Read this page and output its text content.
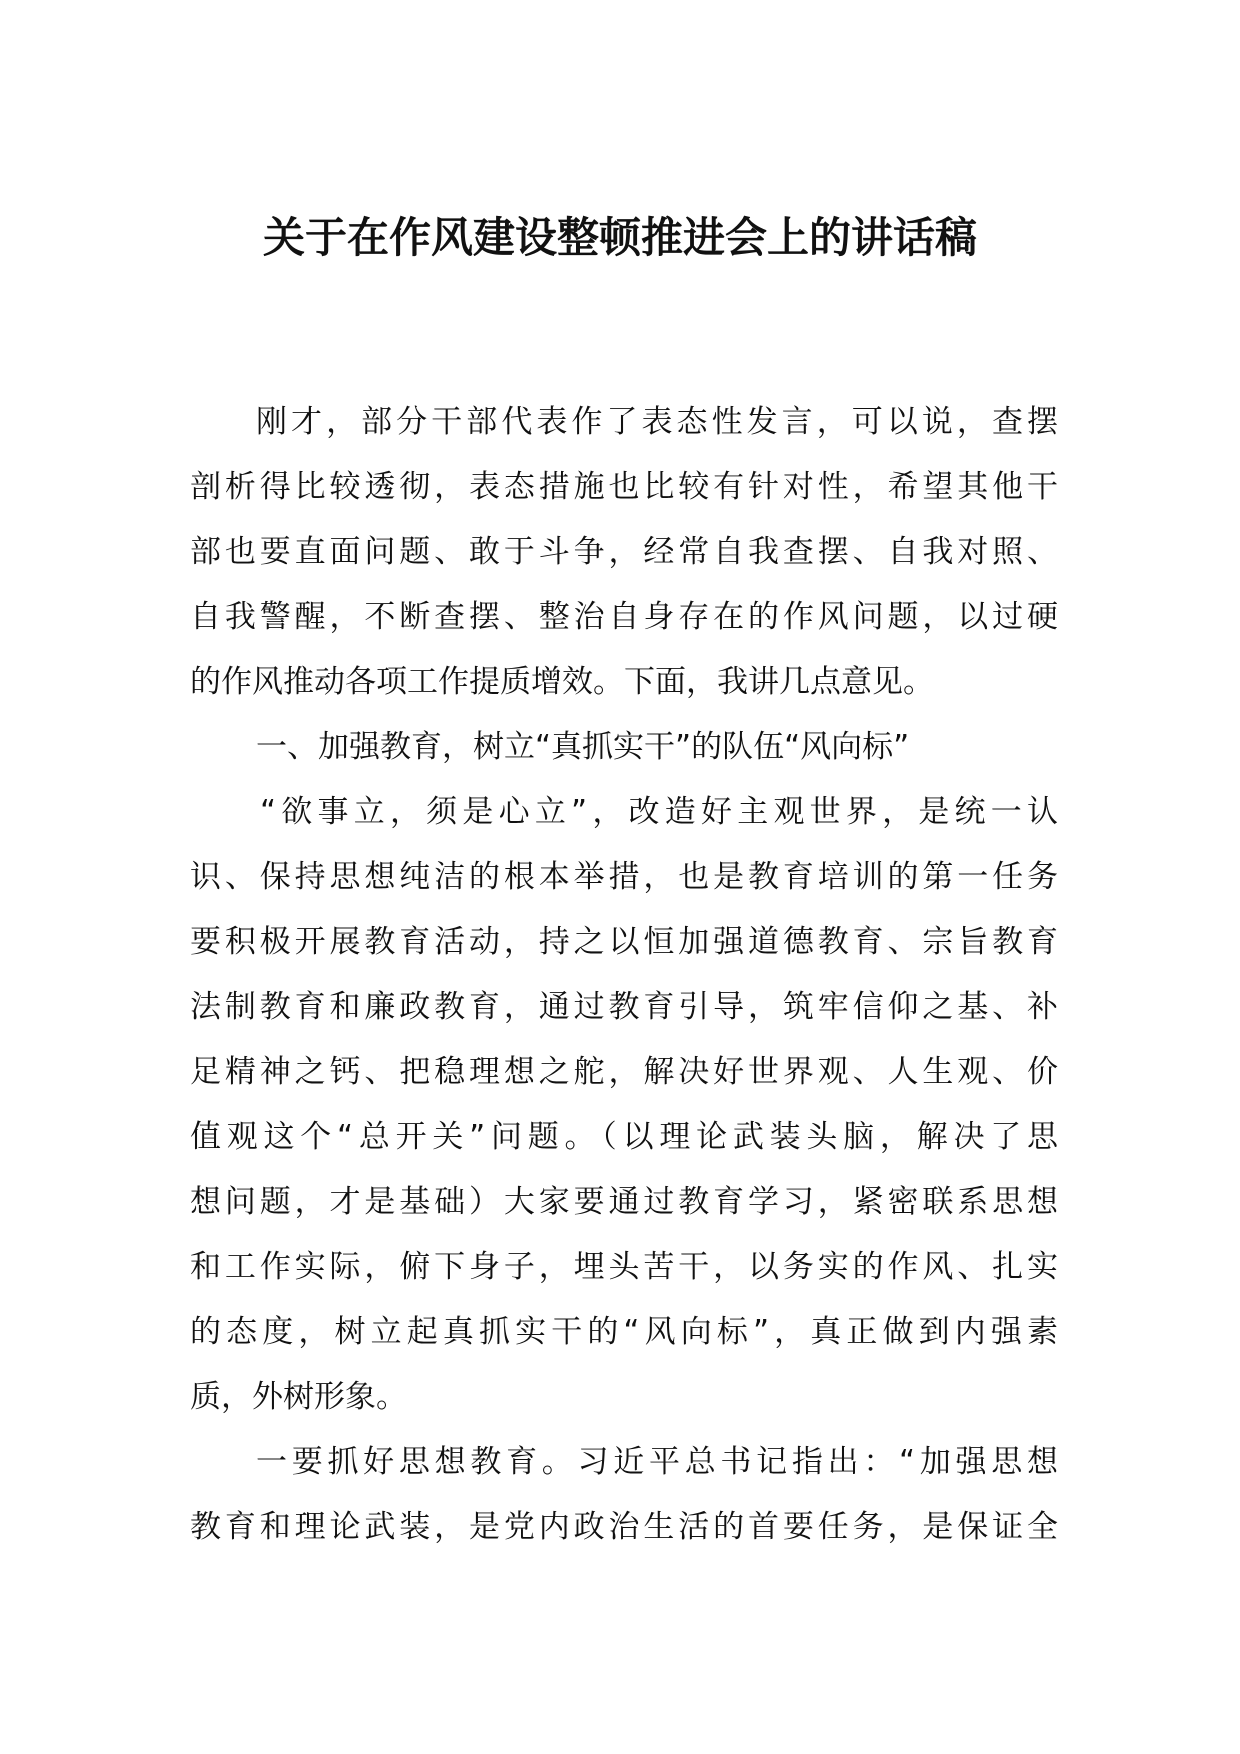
关于在作风建设整顿推进会上的讲话稿
刚才，部分干部代表作了表态性发言，可以说，查摆
剖析得比较透彻，表态措施也比较有针对性，希望其他干
部也要直面问题、敢于斗争，经常自我查摆、自我对照、
自我警醒，不断查摆、整治自身存在的作风问题，以过硬
的作风推动各项工作提质增效。下面，我讲几点意见。
一、加强教育，树立“真抓实干”的队伍“风向标”
“欲事立，须是心立”，改造好主观世界，是统一认
识、保持思想纯洁的根本举措，也是教育培训的第一任务
要积极开展教育活动，持之以恒加强道德教育、宗旨教育
法制教育和廉政教育，通过教育引导，筑牢信仰之基、补
足精神之钙、把稳理想之舵，解决好世界观、人生观、价
值观这个“总开关”问题。（以理论武装头脑，解决了思
想问题，才是基础）大家要通过教育学习，紧密联系思想
和工作实际，俯下身子，埋头苦干，以务实的作风、扎实
的态度，树立起真抓实干的“风向标”，真正做到内强素
质，外树形象。
一要抓好思想教育。习近平总书记指出：“加强思想
教育和理论武装，是党内政治生活的首要任务，是保证全
